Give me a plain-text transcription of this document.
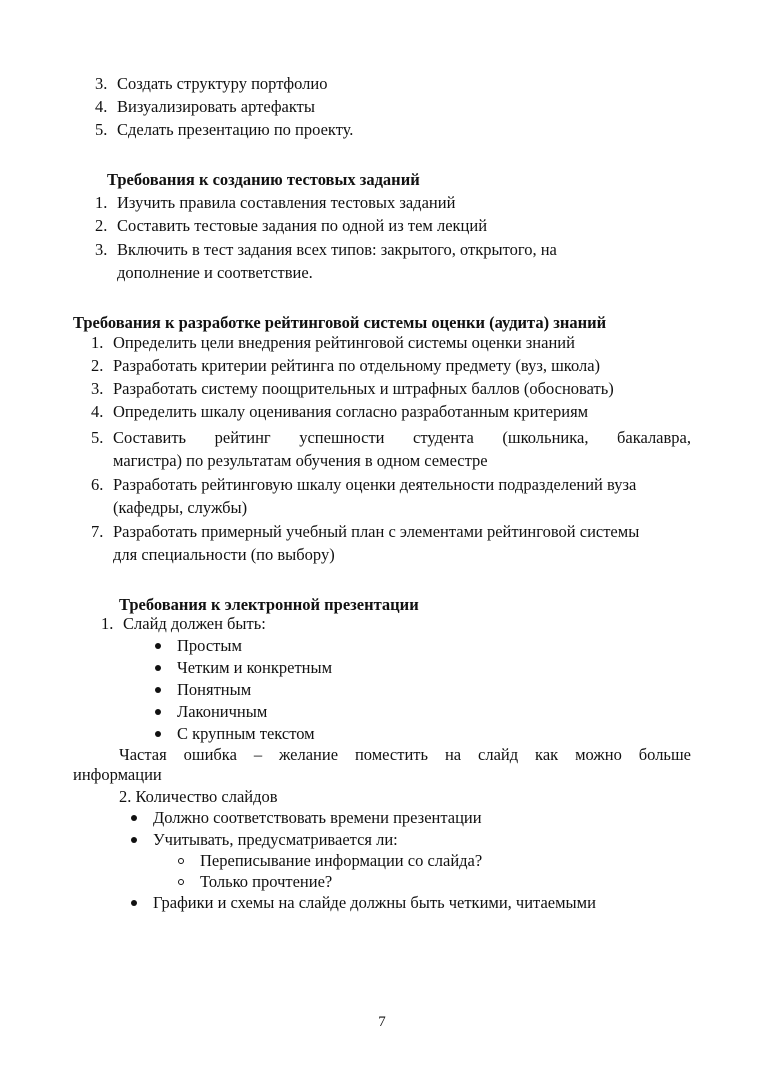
3. Создать структуру портфолио
4. Визуализировать артефакты
5. Сделать презентацию по проекту.
Требования к созданию тестовых заданий
1. Изучить правила составления тестовых заданий
2. Составить тестовые задания по одной из тем лекций
3. Включить в тест задания всех типов: закрытого, открытого, на
дополнение и соответствие.
Требования к разработке рейтинговой системы оценки (аудита) знаний
1. Определить цели внедрения рейтинговой системы оценки знаний
2. Разработать критерии рейтинга по отдельному предмету (вуз, школа)
3. Разработать систему поощрительных и штрафных баллов (обосновать)
4. Определить шкалу оценивания согласно разработанным критериям
5. Составить рейтинг успешности студента (школьника, бакалавра,
магистра) по результатам обучения в одном семестре
6. Разработать рейтинговую шкалу оценки деятельности подразделений вуза
(кафедры, службы)
7. Разработать примерный учебный план с элементами рейтинговой системы
для специальности (по выбору)
Требования к электронной презентации
1. Слайд должен быть:
Простым
Четким и конкретным
Понятным
Лаконичным
С крупным текстом
Частая ошибка – желание поместить на слайд как можно больше
информации
2. Количество слайдов
Должно соответствовать времени презентации
Учитывать, предусматривается ли:
Переписывание информации со слайда?
Только прочтение?
Графики и схемы на слайде должны быть четкими, читаемыми
7
